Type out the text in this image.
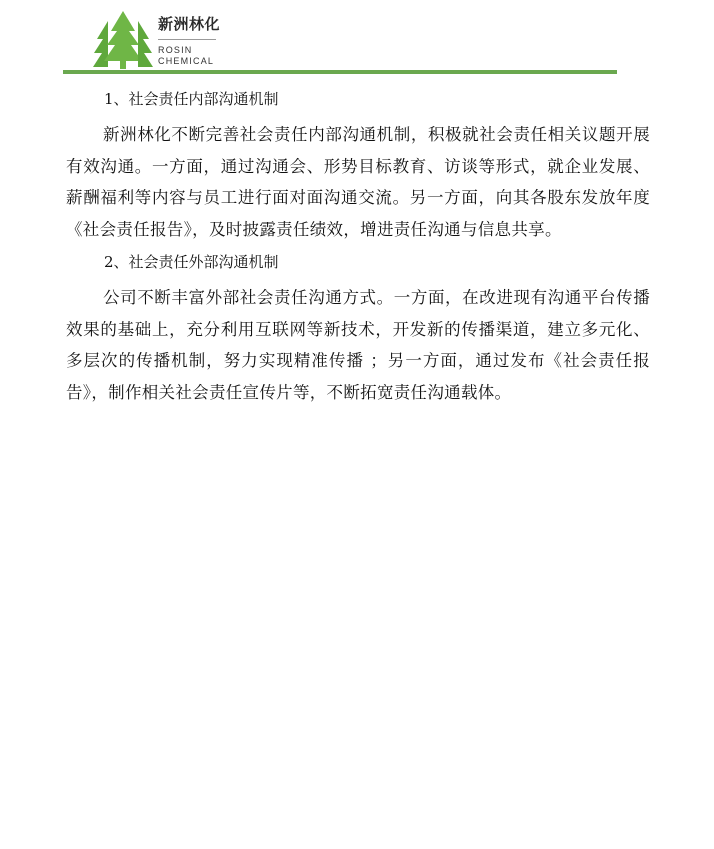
新洲林化
ROSIN
CHEMICAL
1、社会责任内部沟通机制

新洲林化不断完善社会责任内部沟通机制，积极就社会责任相关议题开展有效沟通。一方面，通过沟通会、形势目标教育、访谈等形式，就企业发展、薪酬福利等内容与员工进行面对面沟通交流。另一方面，向其各股东发放年度《社会责任报告》，及时披露责任绩效，增进责任沟通与信息共享。

2、社会责任外部沟通机制

公司不断丰富外部社会责任沟通方式。一方面，在改进现有沟通平台传播效果的基础上，充分利用互联网等新技术，开发新的传播渠道，建立多元化、多层次的传播机制，努力实现精准传播 ；另一方面，通过发布《社会责任报告》，制作相关社会责任宣传片等，不断拓宽责任沟通载体。
